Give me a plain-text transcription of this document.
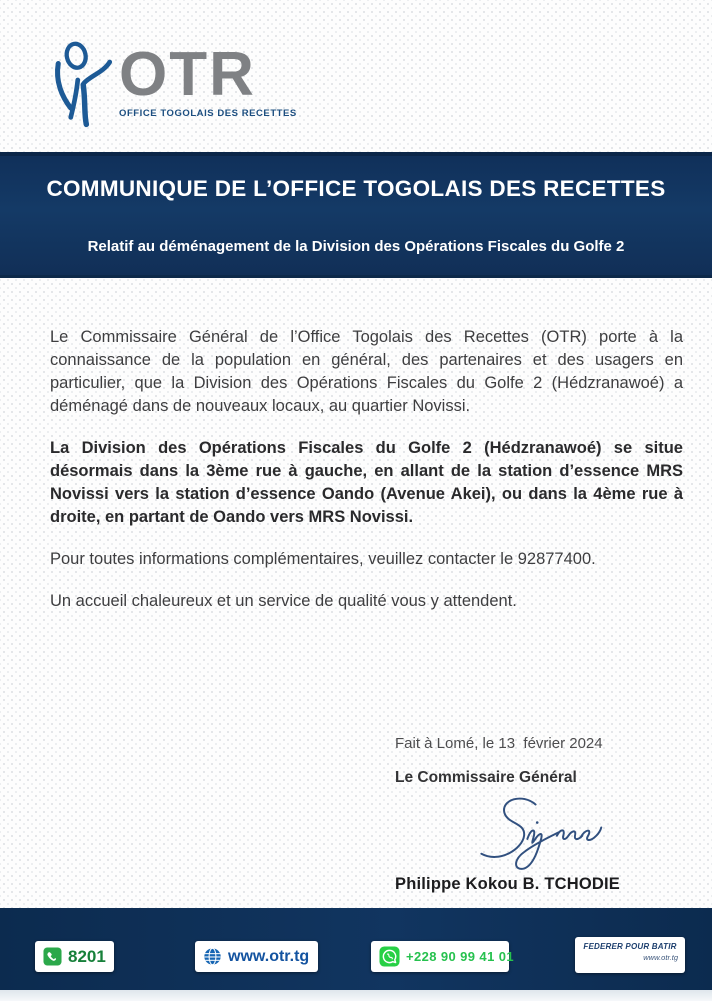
OTR
OFFICE TOGOLAIS DES RECETTES
COMMUNIQUE DE L’OFFICE TOGOLAIS DES RECETTES
Relatif au déménagement de la Division des Opérations Fiscales du Golfe 2

Le Commissaire Général de l’Office Togolais des Recettes (OTR) porte à la connaissance de la population en général, des partenaires et des usagers en particulier, que la Division des Opérations Fiscales du Golfe 2 (Hédzranawoé) a déménagé dans de nouveaux locaux, au quartier Novissi.

La Division des Opérations Fiscales du Golfe 2 (Hédzranawoé) se situe désormais dans la 3ème rue à gauche, en allant de la station d’essence MRS Novissi vers la station d’essence Oando (Avenue Akei), ou dans la 4ème rue à droite, en partant de Oando vers MRS Novissi.

Pour toutes informations complémentaires, veuillez contacter le 92877400.

Un accueil chaleureux et un service de qualité vous y attendent.

Fait à Lomé, le 13  février 2024
Le Commissaire Général
Philippe Kokou B. TCHODIE
8201	www.otr.tg	+228 90 99 41 01
FEDERER POUR BATIR
www.otr.tg
